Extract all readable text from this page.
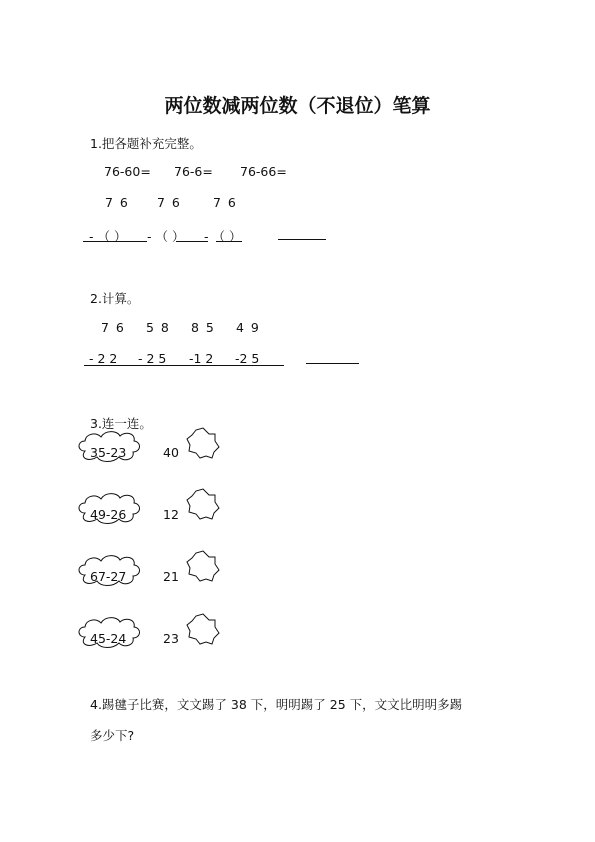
两位数减两位数（不退位）笔算
1.把各题补充完整。
76-60= 76-6= 76-66=
7 6 7 6	7 6
- （ ） - （ ） - （ ）
2.计算。
7 6 5 8 8 5 4 9
- 2 2 - 2 5 -1 2 -2 5
3.连一连。
35-23
49-26
67-27
45-24
40
12
21
23
4.踢毽子比赛，文文踢了 38 下，明明踢了 25 下，文文比明明多踢
多少下?
